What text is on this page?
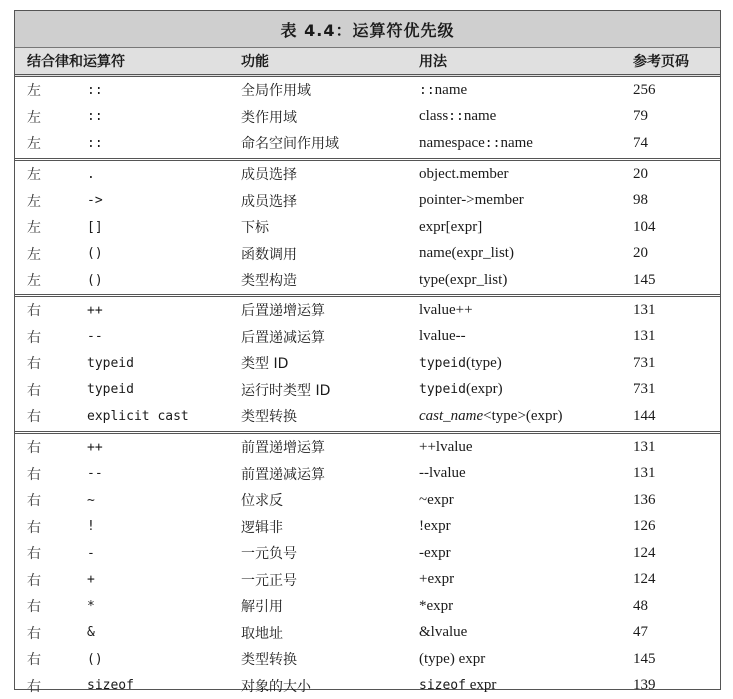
表 4.4：运算符优先级
结合律和运算符	功能	用法	参考页码
左	::	全局作用域	:: name	256
左	::	类作用域	class :: name	79
左	::	命名空间作用域	namespace :: name	74
左	.	成员选择	object.member	20
左	->	成员选择	pointer->member	98
左	[]	下标	expr[expr]	104
左	()	函数调用	name(expr_list)	20
左	()	类型构造	type(expr_list)	145
右	++	后置递增运算	lvalue++	131
右	--	后置递减运算	lvalue--	131
右	typeid	类型 ID	typeid (type)	731
右	typeid	运行时类型 ID	typeid (expr)	731
右	explicit cast	类型转换	cast_name <type>(expr)	144
右	++	前置递增运算	++lvalue	131
右	--	前置递减运算	--lvalue	131
右	~	位求反	~expr	136
右	!	逻辑非	!expr	126
右	-	一元负号	-expr	124
右	+	一元正号	+expr	124
右	*	解引用	*expr	48
右	&	取地址	&lvalue	47
右	()	类型转换	(type) expr	145
右	sizeof	对象的大小	sizeof expr	139
